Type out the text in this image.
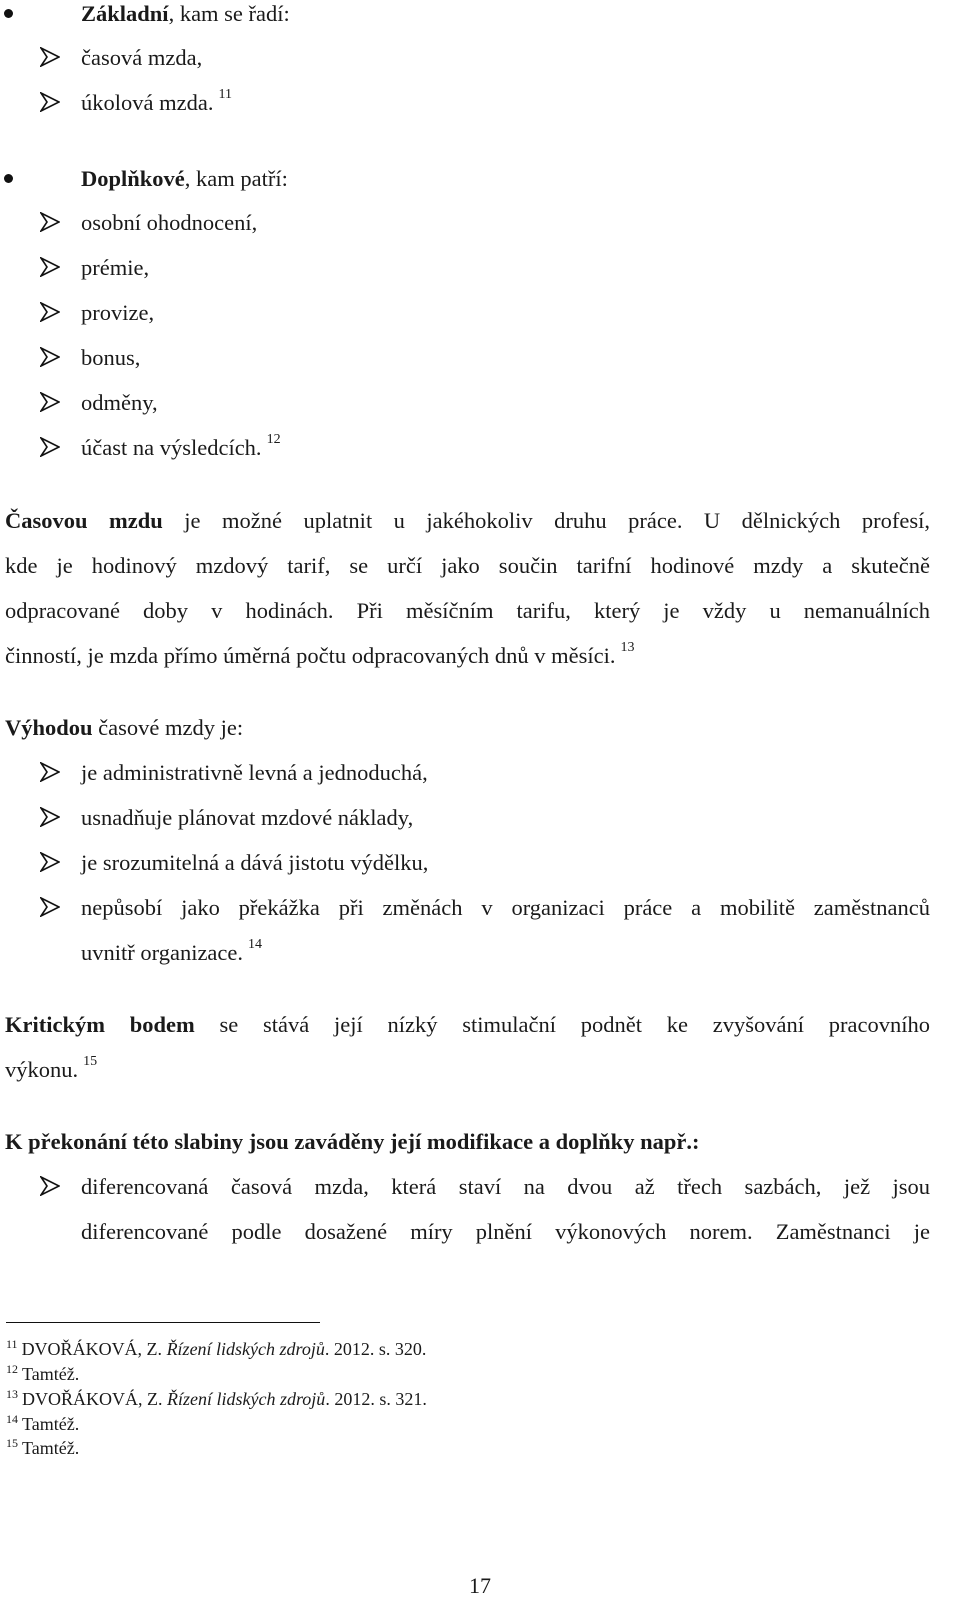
Základní, kam se řadí:
časová mzda,
úkolová mzda. $^{11}$
Doplňkové, kam patří:
osobní ohodnocení,
prémie,
provize,
bonus,
odměny,
účast na výsledcích. $^{12}$
Časovou mzdu je možné uplatnit u jakéhokoliv druhu práce. U dělnických profesí,
kde je hodinový mzdový tarif, se určí jako součin tarifní hodinové mzdy a skutečně
odpracované doby v hodinách. Při měsíčním tarifu, který je vždy u nemanuálních
činností, je mzda přímo úměrná počtu odpracovaných dnů v měsíci. $^{13}$
Výhodou časové mzdy je:
je administrativně levná a jednoduchá,
usnadňuje plánovat mzdové náklady,
je srozumitelná a dává jistotu výdělku,
nepůsobí jako překážka při změnách v organizaci práce a mobilitě zaměstnanců
uvnitř organizace. $^{14}$
Kritickým bodem se stává její nízký stimulační podnět ke zvyšování pracovního
výkonu. $^{15}$
K překonání této slabiny jsou zaváděny její modifikace a doplňky např.:
diferencovaná časová mzda, která staví na dvou až třech sazbách, jež jsou
diferencované podle dosažené míry plnění výkonových norem. Zaměstnanci je
$^{11}$ DVOŘÁKOVÁ, Z. Řízení lidských zdrojů. 2012. s. 320.
$^{12}$ Tamtéž.
$^{13}$ DVOŘÁKOVÁ, Z. Řízení lidských zdrojů. 2012. s. 321.
$^{14}$ Tamtéž.
$^{15}$ Tamtéž.
17
